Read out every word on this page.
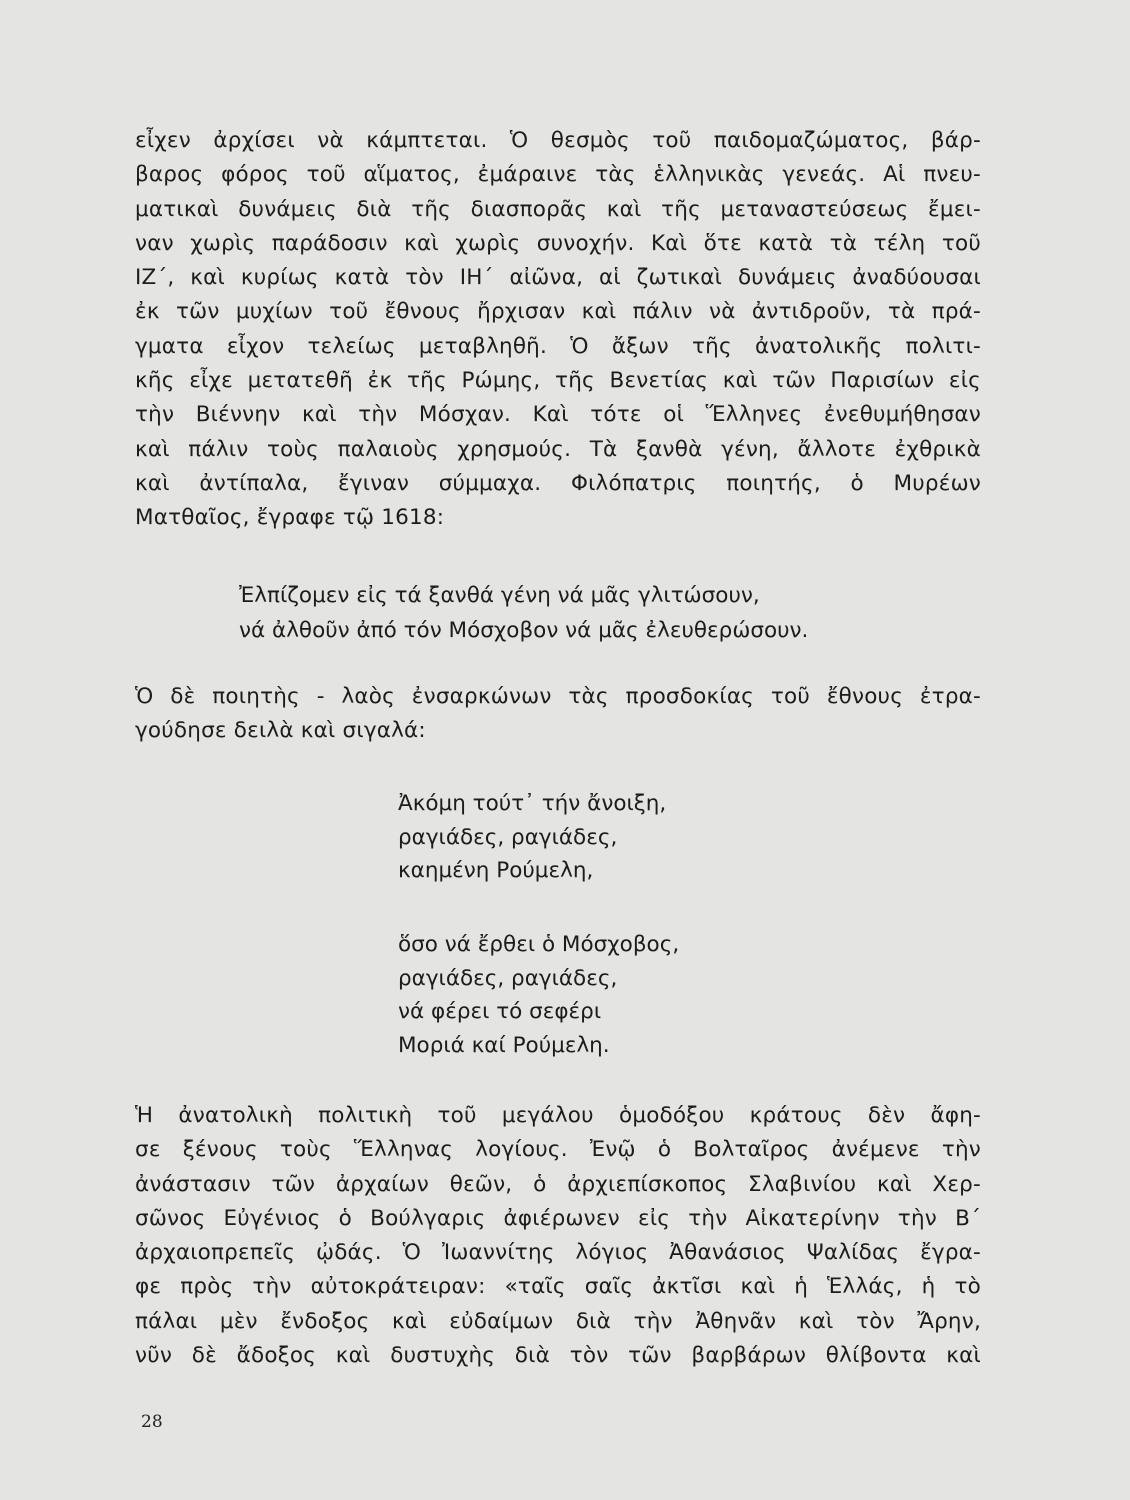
εἶχεν ἀρχίσει νὰ κάμπτεται. Ὁ θεσμὸς τοῦ παιδομαζώματος, βάρ-
βαρος φόρος τοῦ αἵματος, ἐμάραινε τὰς ἑλληνικὰς γενεάς. Αἱ πνευ-
ματικαὶ δυνάμεις διὰ τῆς διασπορᾶς καὶ τῆς μεταναστεύσεως ἔμει-
ναν χωρὶς παράδοσιν καὶ χωρὶς συνοχήν. Καὶ ὅτε κατὰ τὰ τέλη τοῦ
ΙΖ΄, καὶ κυρίως κατὰ τὸν ΙΗ΄ αἰῶνα, αἱ ζωτικαὶ δυνάμεις ἀναδύουσαι
ἐκ τῶν μυχίων τοῦ ἔθνους ἤρχισαν καὶ πάλιν νὰ ἀντιδροῦν, τὰ πρά-
γματα εἶχον τελείως μεταβληθῆ. Ὁ ἄξων τῆς ἀνατολικῆς πολιτι-
κῆς εἶχε μετατεθῆ ἐκ τῆς Ρώμης, τῆς Βενετίας καὶ τῶν Παρισίων εἰς
τὴν Βιέννην καὶ τὴν Μόσχαν. Καὶ τότε οἱ Ἕλληνες ἐνεθυμήθησαν
καὶ πάλιν τοὺς παλαιοὺς χρησμούς. Τὰ ξανθὰ γένη, ἄλλοτε ἐχθρικὰ
καὶ ἀντίπαλα, ἔγιναν σύμμαχα. Φιλόπατρις ποιητής, ὁ Μυρέων
Ματθαῖος, ἔγραφε τῷ 1618:
Ἐλπίζομεν εἰς τά ξανθά γένη νά μᾶς γλιτώσουν,
νά ἀλθοῦν ἀπό τόν Μόσχοβον νά μᾶς ἐλευθερώσουν.
Ὁ δὲ ποιητὴς - λαὸς ἐνσαρκώνων τὰς προσδοκίας τοῦ ἔθνους ἐτρα-
γούδησε δειλὰ καὶ σιγαλά:
Ἀκόμη τούτ᾿ τήν ἄνοιξη,
ραγιάδες, ραγιάδες,
καημένη Ρούμελη,
ὅσο νά ἔρθει ὁ Μόσχοβος,
ραγιάδες, ραγιάδες,
νά φέρει τό σεφέρι
Μοριά καί Ρούμελη.
Ἡ ἀνατολικὴ πολιτικὴ τοῦ μεγάλου ὁμοδόξου κράτους δὲν ἄφη-
σε ξένους τοὺς Ἕλληνας λογίους. Ἐνῷ ὁ Βολταῖρος ἀνέμενε τὴν
ἀνάστασιν τῶν ἀρχαίων θεῶν, ὁ ἀρχιεπίσκοπος Σλαβινίου καὶ Χερ-
σῶνος Εὐγένιος ὁ Βούλγαρις ἀφιέρωνεν εἰς τὴν Αἰκατερίνην τὴν Β΄
ἀρχαιοπρεπεῖς ᾠδάς. Ὁ Ἰωαννίτης λόγιος Ἀθανάσιος Ψαλίδας ἔγρα-
φε πρὸς τὴν αὐτοκράτειραν: «ταῖς σαῖς ἀκτῖσι καὶ ἡ Ἑλλάς, ἡ τὸ
πάλαι μὲν ἔνδοξος καὶ εὐδαίμων διὰ τὴν Ἀθηνᾶν καὶ τὸν Ἄρην,
νῦν δὲ ἄδοξος καὶ δυστυχὴς διὰ τὸν τῶν βαρβάρων θλίβοντα καὶ
28
